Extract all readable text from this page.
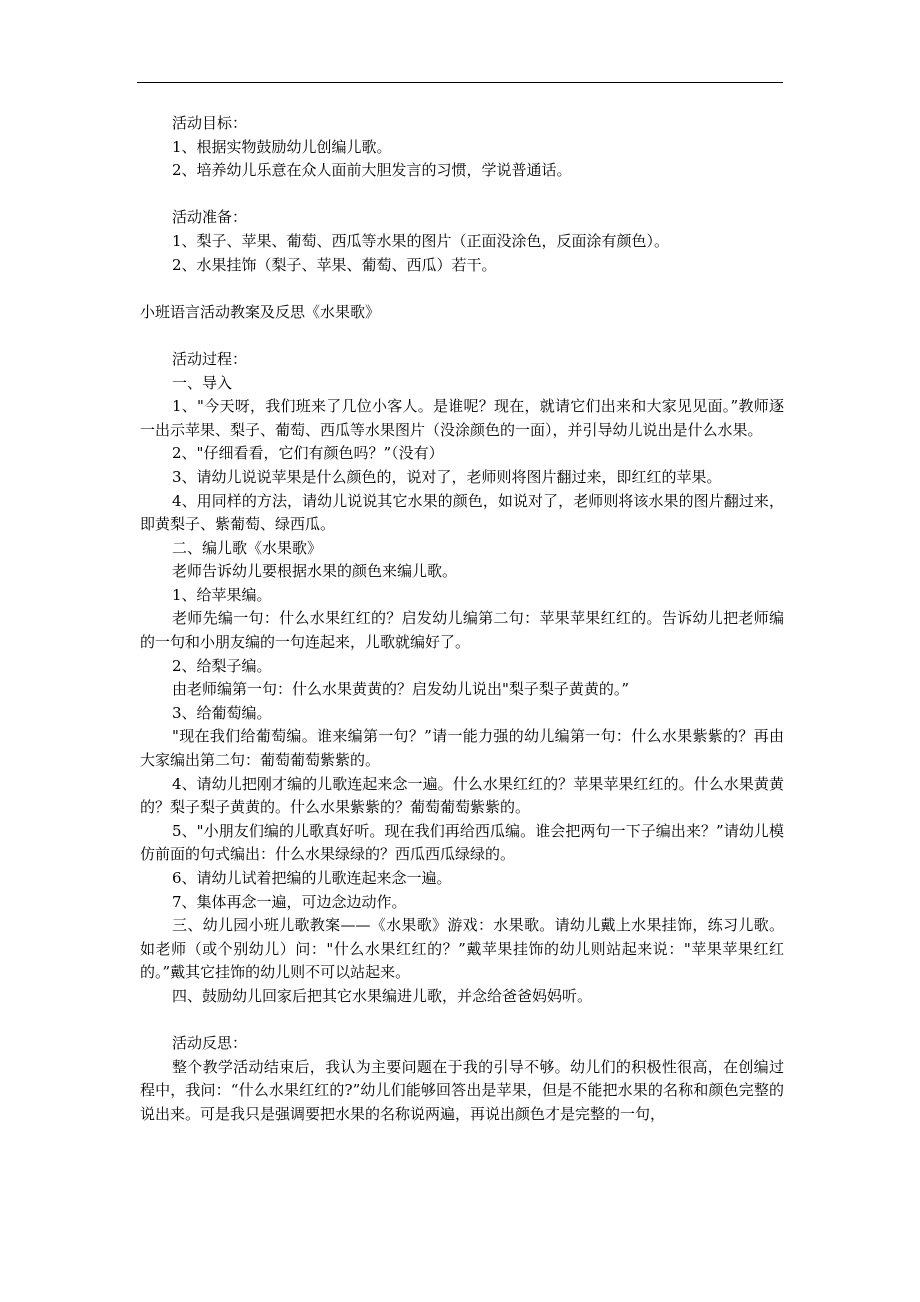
活动目标：

1、根据实物鼓励幼儿创编儿歌。

2、培养幼儿乐意在众人面前大胆发言的习惯，学说普通话。

活动准备：

1、梨子、苹果、葡萄、西瓜等水果的图片（正面没涂色，反面涂有颜色）。

2、水果挂饰（梨子、苹果、葡萄、西瓜）若干。

小班语言活动教案及反思《水果歌》

活动过程：

一、导入

1、"今天呀，我们班来了几位小客人。是谁呢？现在，就请它们出来和大家见见面。”教师逐一出示苹果、梨子、葡萄、西瓜等水果图片（没涂颜色的一面），并引导幼儿说出是什么水果。

2、"仔细看看，它们有颜色吗？”（没有）

3、请幼儿说说苹果是什么颜色的，说对了，老师则将图片翻过来，即红红的苹果。

4、用同样的方法，请幼儿说说其它水果的颜色，如说对了，老师则将该水果的图片翻过来，即黄梨子、紫葡萄、绿西瓜。

二、编儿歌《水果歌》

老师告诉幼儿要根据水果的颜色来编儿歌。

1、给苹果编。

老师先编一句：什么水果红红的？启发幼儿编第二句：苹果苹果红红的。告诉幼儿把老师编的一句和小朋友编的一句连起来，儿歌就编好了。

2、给梨子编。

由老师编第一句：什么水果黄黄的？启发幼儿说出"梨子梨子黄黄的。”

3、给葡萄编。

"现在我们给葡萄编。谁来编第一句？”请一能力强的幼儿编第一句：什么水果紫紫的？再由大家编出第二句：葡萄葡萄紫紫的。

4、请幼儿把刚才编的儿歌连起来念一遍。什么水果红红的？苹果苹果红红的。什么水果黄黄的？梨子梨子黄黄的。什么水果紫紫的？葡萄葡萄紫紫的。

5、"小朋友们编的儿歌真好听。现在我们再给西瓜编。谁会把两句一下子编出来？”请幼儿模仿前面的句式编出：什么水果绿绿的？西瓜西瓜绿绿的。

6、请幼儿试着把编的儿歌连起来念一遍。

7、集体再念一遍，可边念边动作。

三、幼儿园小班儿歌教案——《水果歌》游戏：水果歌。请幼儿戴上水果挂饰，练习儿歌。如老师（或个别幼儿）问："什么水果红红的？”戴苹果挂饰的幼儿则站起来说："苹果苹果红红的。”戴其它挂饰的幼儿则不可以站起来。

四、鼓励幼儿回家后把其它水果编进儿歌，并念给爸爸妈妈听。

活动反思：

整个教学活动结束后，我认为主要问题在于我的引导不够。幼儿们的积极性很高，在创编过程中，我问：“什么水果红红的?”幼儿们能够回答出是苹果，但是不能把水果的名称和颜色完整的说出来。可是我只是强调要把水果的名称说两遍，再说出颜色才是完整的一句，
